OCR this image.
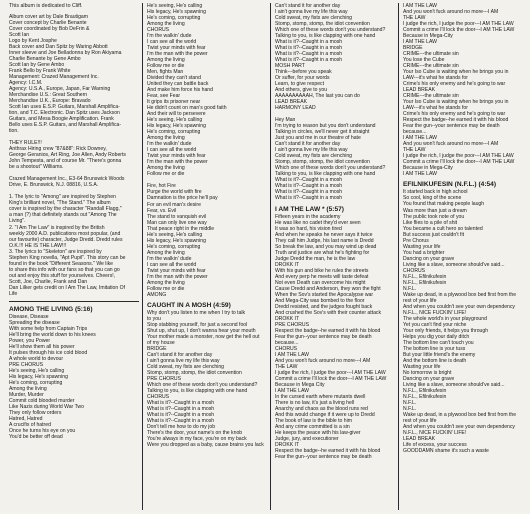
This album is dedicated to Cliff.
Album cover art by Dale Brautigam
Cover concept by Charlie Benante
Cover coordinated by Bob DeFrin &
Scott Ian
Logo by Kent Josphe
Back cover and Dan Spitz by Waring Abbott
Inner sleeve and Joe Belladonna by Ron Akiyama
Charlie Benante by Gene Ambo
Scott Ian by Gene Ambo
Frank Bello by Frank White
Management: Crazed Management Inc.
Agency: I.C.M.
Agency: U.S.A., Europe, Japan, Far Warning
Merchandise U.S.: Great Southern
Merchandise U.K., Europe: Bravado
Scott Ian uses E.S.P. Guitars, Marshall Amplifica-
tion, and T.C. Electronic. Dan Spitz uses Jackson
Guitars, and Mesa Boogie Amplification. Frank
Bello uses E.S.P. Guitars, and Marshall Amplifica-
tion.
THEY RULE!!!
Anthrax Hiring crew "87&88": Rick Downey,
George Geranios, Art Ring, Joe Allen, Andy Roberts
John Tempesta, and of course Mr. "There's gonna
be a shootout" Williams.
Crazed Management Inc., E3-64 Brunswick Woods
Drive, E. Brunswick, N.J. 08816, U.S.A.
1. The lyric to "Among" are inspired by Stephen
King's brilliant novel, "The Stand." The album
cover is inspired by the character "Randall Flagg,"
a man (?) that definitely stands out "Among The
Living".
2. "I Am The Law" is inspired by the British
weekly 2000 A.D. publications most popular, (and
our favourite) character, Judge Dredd. Dredd rules
O.K.!!! HE IS THE LAW!!!
3. The lyrics to "Skeleton" are inspired by
Stephen King novella, "Apt Pupil". This story can be
found in the book "Different Seasons." We like
to share this info with our fans so that you can go
out and enjoy this stuff for yourselves. Cheers!,
Scott, Joe, Charlie, Frank and Dan
Dan Lilker gets credit on I Am The Law, Imitation Of
Life
AMONG THE LIVING (5:16)
Disease, Disease
Spreading the disease
With some help from Captain Trips
He'll bring the world down to his knees
Power, you Power
He'll show them all his power
It pulses through his ice cold blood
A whole world to devour
PRE CHORUS
He's seeing, He's calling
His legacy, He's spawning
He's coming, corrupting
Among the living
Murder, Murder
Commit cold blooded murder
Like Nazis during World War Two
They only follow orders
Hatred, Hatred
A crucifix of hatred
Once he turns his eye on you
You'd be better off dead
He's seeing, He's calling
His legacy, He's spawning
He's coming, corrupting
Among the living
CHORUS
I'm the walkin' dude
I can see all the world
Twist your minds with fear
I'm the man with the power
Among the living
Follow me or die
Men, fights Man
Divided they can't stand
United they can battle back
And make him force his hand
Fear, see Fear
It grips its prisoner near
He didn't count on man's good faith
And their will to persevere
He's seeing, He's calling
His legacy, He's spawning
He's coming, corrupting
Among the living
I'm the walkin' dude
I can see all the world
Twist your minds with fear
I'm the man with the power
Among the living
Follow me or die
Fire, hot Fire
Purge the world with fire
Damnation is the price he'll pay
For an evil man's desire
Fear, vs. Evil
The stand to vanquish evil
Man can only live one way
That peace right in the middle
He's seeing, He's calling
His legacy, He's spawning
He's coming, corrupting
Among the living
I'm the walkin' dude
I can see all the world
Twist your minds with fear
I'm the man with the power
Among the living
Follow me or die
AMONG
CAUGHT IN A MOSH (4:59)
Why don't you listen to me when I try to talk
to you
Stop stabbing yourself, for just a second fool
Shut up, shut up, I don't wanna hear your mouth
Your mother made a monster, now get the hell out
of my house
BRIDGE
Can't stand it for another day
I ain't gonna live my life this way
Cold sweat, my fists are clenching
Stomp, stomp, stomp, the idiot convention
PRE CHORUS
Which one of these words don't you understand?
Talking to you, is like clapping with one hand
CHORUS
What is it?--Caught in a mosh
What is it?--Caught in a mosh
What is it?--Caught in a mosh
What is it?--Caught in a mosh
Don't tell me how to do my job
There's the door, your name's on the knob
You're always in my face, you're on my back
Were you dropped as a baby, cause brains you lack
Can't stand it for another day
I ain't gonna live my life this way
Cold sweat, my fists are clenching
Stomp, stomp, stomp, the idiot convention
Which one of these words don't you understand?
Talking to you, is like clapping with one hand
What is it?--Caught in a mosh
What is it?--Caught in a mosh
What is it?--Caught in a mosh
What is it?--Caught in a mosh
MOSH PART
Think---before you speak
Or suffer, for your words
Learn, to give respect
And others, give to you
AAAAAAAAAAH, The last you can do
LEAD BREAK
HARMONY LEAD
Hey Man
I'm trying to reason but you don't understand
Talking in circles, we'll never get it straight
Just you and me in our theatre of hate
Can't stand it for another day
I ain't gonna live my life this way
Cold sweat, my fists are clenching
Stomp, stomp, stomp, the idiot convention
Which one of these words don't you understand?
Talking to you, is like clapping with one hand
What is it?--Caught in a mosh
What is it?--Caught in a mosh
What is it?--Caught in a mosh
What is it?--Caught in a mosh
I AM THE LAW * (5:57)
Fifteen years in the academy
He was like no cadet they'd ever seen
It was so hard, his vision tired
And when he speaks he never says it twice
They call him Judge, his last name is Dredd
So break the law, and you may wind up dead
Truth and justice are what he's fighting for
Judge Dredd the man, he is the law
DROKK IT
With his gun and bike he rules the streets
And every perp he meets will taste defeat
Not even Death can overcome his might
Cause Dredd and Anderson, they won the fight
When the Sov's started the Apocalypse war
And Mega-City was bombed to the floor
Dredd resisted, and the judges fought back
And crushed the Sov's with their counter attack
DROKK IT
PRE CHORUS
Respect the badge--he earned it with his blood
Fear the gun--your sentence may be death
because...
CHORUS
I AM THE LAW
And you won't fuck around no more---I AM
THE LAW
I judge the rich, I judge the poor---I AM THE LAW
Commit a crime I'll lock the door---I AM THE LAW
Because in Mega City
I AM THE LAW
In the cursed earth where mutants dwell
There is no law, it's just a living hell
Anarchy and chaos as the blood runs red
And this would change if it were up to Dredd
The book of law is the bible to him
And any crime committed is a sin
He keeps the peace with his law-giver
Judge, jury, and executioner
DROKK IT
Respect the badge--he earned it with his blood
Fear the gun--your sentence may be death
I AM THE LAW
And you won't fuck around no more---I AM
THE LAW
I judge the rich, I judge the poor---I AM THE LAW
Commit a crime I'll lock the door---I AM THE LAW
Because in Mega-City
I AM THE LAW
BRIDGE
CRIME---the ultimate sin
You lose the Cube
CRIME---the ultimate sin
Your Iso Cube is waiting when he brings you in
LAW---it's what he stands for
Crime's his only enemy and he's going to war
LEAD BREAK
CRIME---the ultimate sin
Your Iso Cube is waiting when he brings you in
LAW---it's what he stands for
Crime's his only enemy and he's going to war
Respect the badge--he earned it with his blood
Fear the gun--your sentence may be death
because...
I AM THE LAW
And you won't fuck around no more---I AM
THE LAW
I judge the rich, I judge the poor---I AM THE LAW
Commit a crime I'll lock the door---I AM THE LAW
Because in Mega-City
I AM THE LAW
EFILNIKUFESIN (N.F.L.) (4:54)
It started back in high school
So cool, king of the scene
You found that making people laugh
Was more than just a dream
The public took note of you
Like flies to a pile of shit
You became a cult hero so talented
But success just couldn't fit
Pre Chorus
Wasting your life
You had a brighter
Dancing on your grave
Living like a slave, someone should've said...
CHORUS
N.F.L., Efilnikufesin
N.F.L., Efilnikufesin
N.F.L.
Wake up dead, in a plywood box bed first from the
rest of your life
And when you couldn't see your own dependency
N.F.L., NICE FUCKIN' LIFE!
The whole world's in your playground
Yet you can't find your niche
Your only friends, it helps you through
Helps you dig your daily ditch
The bottom line can't touch you
The bottom line is your tuss
But your little friend's the enemy
And the bottom line is death
Wasting your life
No tomorrow is bright
Dancing on your grave
Living like a slave, someone should've said...
N.F.L., Efilnikufesin
N.F.L., Efilnikufesin
N.F.L.
N.F.L.
Wake up dead, in a plywood box bed first from the
rest of your life
And when you couldn't see your own dependency
N.F.L., NICE FUCKIN' LIFE!
LEAD BREAK
Life of excess, your success
GOODDAMN shame it's such a waste
